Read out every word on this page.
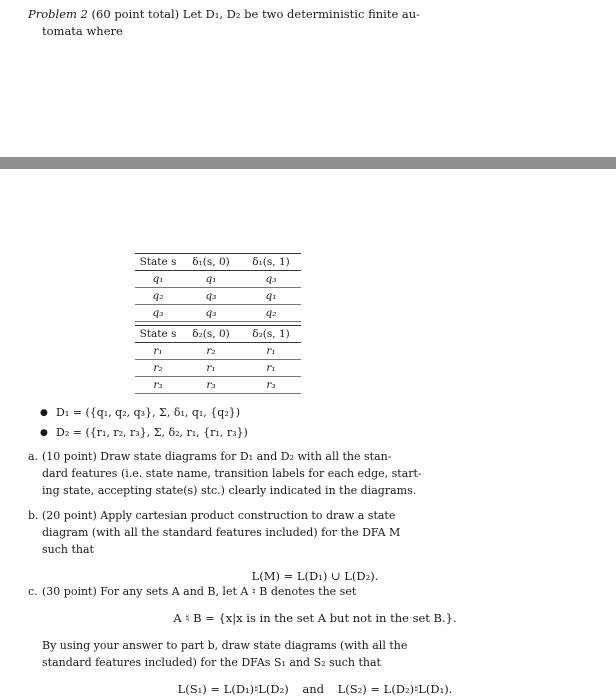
Problem 2 (60 point total) Let D₁, D₂ be two deterministic finite au-
tomata where
State s	δ₁(s, 0)	δ₁(s, 1)
q₁	q₁	q₃
q₂	q₃	q₁
q₃	q₃	q₂
State s	δ₂(s, 0)	δ₂(s, 1)
r₁	r₂	r₁
r₂	r₁	r₁
r₃	r₃	r₃
● D₁ = ({q₁, q₂, q₃}, Σ, δ₁, q₁, {q₂})
● D₂ = ({r₁, r₂, r₃}, Σ, δ₂, r₁, {r₁, r₃})
a. (10 point) Draw state diagrams for D₁ and D₂ with all the stan-
dard features (i.e. state name, transition labels for each edge, start-
ing state, accepting state(s) stc.) clearly indicated in the diagrams.
b. (20 point) Apply cartesian product construction to draw a state
diagram (with all the standard features included) for the DFA M
such that
L(M) = L(D₁) ∪ L(D₂).
c. (30 point) For any sets A and B, let A ♮ B denotes the set
A ♮ B = {x|x is in the set A but not in the set B.}.
By using your answer to part b, draw state diagrams (with all the
standard features included) for the DFAs S₁ and S₂ such that
L(S₁) = L(D₁)♮L(D₂) and L(S₂) = L(D₂)♮L(D₁).
